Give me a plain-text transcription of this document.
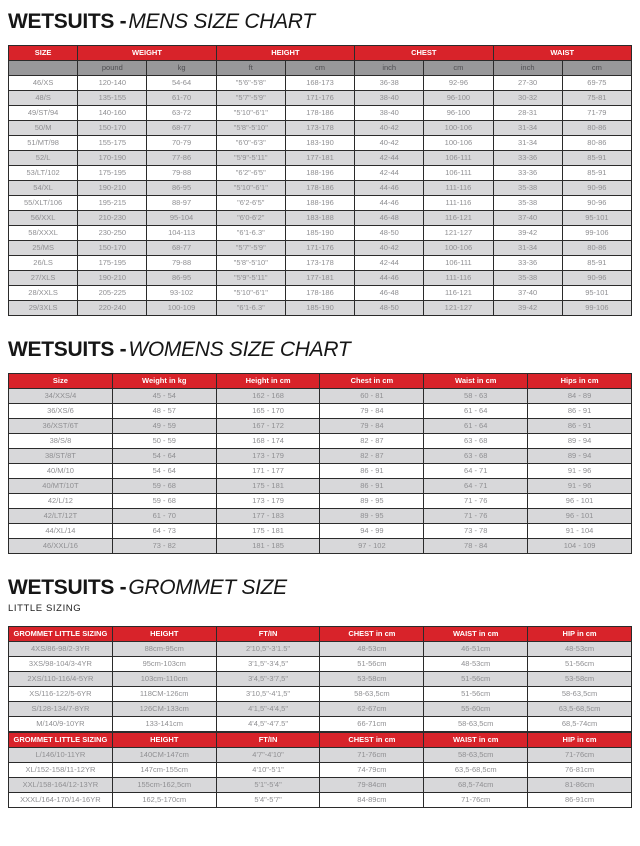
WETSUITS -MENS SIZE CHART
SIZE	WEIGHT		HEIGHT		CHEST		WAIST	
	pound	kg	ft	cm	inch	cm	inch	cm
46/XS	120-140	54-64	"5'6"-5'8"	168-173	36-38	92-96	27-30	69-75
48/S	135-155	61-70	"5'7"-5'9"	171-176	38-40	96-100	30-32	75-81
49/ST/94	140-160	63-72	"5'10"-6'1"	178-186	38-40	96-100	28-31	71-79
50/M	150-170	68-77	"5'8"-5'10"	173-178	40-42	100-106	31-34	80-86
51/MT/98	155-175	70-79	"6'0"-6'3"	183-190	40-42	100-106	31-34	80-86
52/L	170-190	77-86	"5'9"-5'11"	177-181	42-44	106-111	33-36	85-91
53/LT/102	175-195	79-88	"6'2"-6'5"	188-196	42-44	106-111	33-36	85-91
54/XL	190-210	86-95	"5'10"-6'1"	178-186	44-46	111-116	35-38	90-96
55/XLT/106	195-215	88-97	"6'2-6'5"	188-196	44-46	111-116	35-38	90-96
56/XXL	210-230	95-104	"6'0-6'2"	183-188	46-48	116-121	37-40	95-101
58/XXXL	230-250	104-113	"6'1-6.3"	185-190	48-50	121-127	39-42	99-106
25/MS	150-170	68-77	"5'7"-5'9"	171-176	40-42	100-106	31-34	80-86
26/LS	175-195	79-88	"5'8"-5'10"	173-178	42-44	106-111	33-36	85-91
27/XLS	190-210	86-95	"5'9"-5'11"	177-181	44-46	111-116	35-38	90-96
28/XXLS	205-225	93-102	"5'10"-6'1"	178-186	46-48	116-121	37-40	95-101
29/3XLS	220-240	100-109	"6'1-6.3"	185-190	48-50	121-127	39-42	99-106
WETSUITS -WOMENS SIZE CHART
Size	Weight in kg	Height in cm	Chest in cm	Waist in cm	Hips in cm
34/XXS/4	45 - 54	162 - 168	60 - 81	58 - 63	84 - 89
36/XS/6	48 - 57	165 - 170	79 - 84	61 - 64	86 - 91
36/XST/6T	49 - 59	167 - 172	79 - 84	61 - 64	86 - 91
38/S/8	50 - 59	168 - 174	82 - 87	63 - 68	89 - 94
38/ST/8T	54 - 64	173 - 179	82 - 87	63 - 68	89 - 94
40/M/10	54 - 64	171 - 177	86 - 91	64 - 71	91 - 96
40/MT/10T	59 - 68	175 - 181	86 - 91	64 - 71	91 - 96
42/L/12	59 - 68	173 - 179	89 - 95	71 - 76	96 - 101
42/LT/12T	61 - 70	177 - 183	89 - 95	71 - 76	96 - 101
44/XL/14	64 - 73	175 - 181	94 - 99	73 - 78	91 - 104
46/XXL/16	73 - 82	181 - 185	97 - 102	78 - 84	104 - 109
WETSUITS -GROMMET SIZE
LITTLE SIZING
GROMMET LITTLE SIZING	HEIGHT	FT/IN	CHEST in cm	WAIST in cm	HIP in cm
4XS/86-98/2-3YR	88cm-95cm	2'10,5"-3'1.5"	48-53cm	46-51cm	48-53cm
3XS/98-104/3-4YR	95cm-103cm	3'1,5"-3'4,5"	51-56cm	48-53cm	51-56cm
2XS/110-116/4-5YR	103cm-110cm	3'4,5"-3'7,5"	53-58cm	51-56cm	53-58cm
XS/116-122/5-6YR	118CM-126cm	3'10,5"-4'1,5"	58-63,5cm	51-56cm	58-63,5cm
S/128-134/7-8YR	126CM-133cm	4'1,5"-4'4,5"	62-67cm	55-60cm	63,5-68,5cm
M/140/9-10YR	133-141cm	4'4,5"-4'7.5"	66-71cm	58-63,5cm	68,5-74cm
GROMMET LITTLE SIZING	HEIGHT	FT/IN	CHEST in cm	WAIST in cm	HIP in cm
L/146/10-11YR	140CM-147cm	4'7"-4'10"	71-76cm	58-63,5cm	71-76cm
XL/152-158/11-12YR	147cm-155cm	4'10"-5'1"	74-79cm	63,5-68,5cm	76-81cm
XXL/158-164/12-13YR	155cm-162,5cm	5'1"-5'4"	79-84cm	68,5-74cm	81-86cm
XXXL/164-170/14-16YR	162,5-170cm	5'4"-5'7"	84-89cm	71-76cm	86-91cm
